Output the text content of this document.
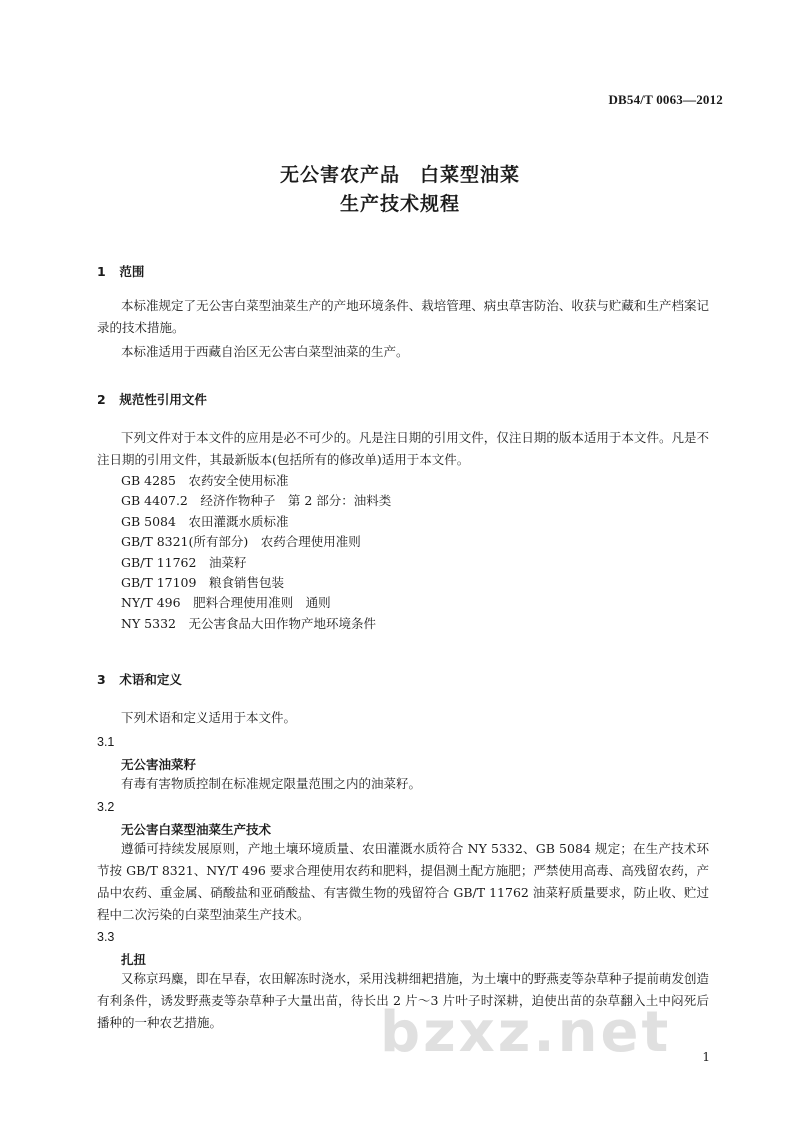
DB54/T 0063—2012
无公害农产品　白菜型油菜
生产技术规程
1 范围
本标准规定了无公害白菜型油菜生产的产地环境条件、栽培管理、病虫草害防治、收获与贮藏和生产档案记录的技术措施。
本标准适用于西藏自治区无公害白菜型油菜的生产。
2 规范性引用文件
下列文件对于本文件的应用是必不可少的。凡是注日期的引用文件，仅注日期的版本适用于本文件。凡是不注日期的引用文件，其最新版本(包括所有的修改单)适用于本文件。
GB 4285　农药安全使用标准
GB 4407.2　经济作物种子　第 2 部分：油料类
GB 5084　农田灌溉水质标准
GB/T 8321(所有部分)　农药合理使用准则
GB/T 11762　油菜籽
GB/T 17109　粮食销售包装
NY/T 496　肥料合理使用准则　通则
NY 5332　无公害食品大田作物产地环境条件
3 术语和定义
下列术语和定义适用于本文件。
3.1
无公害油菜籽
有毒有害物质控制在标准规定限量范围之内的油菜籽。
3.2
无公害白菜型油菜生产技术
遵循可持续发展原则，产地土壤环境质量、农田灌溉水质符合 NY 5332、GB 5084 规定；在生产技术环节按 GB/T 8321、NY/T 496 要求合理使用农药和肥料，提倡测土配方施肥；严禁使用高毒、高残留农药，产品中农药、重金属、硝酸盐和亚硝酸盐、有害微生物的残留符合 GB/T 11762 油菜籽质量要求，防止收、贮过程中二次污染的白菜型油菜生产技术。
3.3
扎扭
又称京玛麋，即在早春，农田解冻时浇水，采用浅耕细耙措施，为土壤中的野燕麦等杂草种子提前萌发创造有利条件，诱发野燕麦等杂草种子大量出苗，待长出 2 片～3 片叶子时深耕，迫使出苗的杂草翻入土中闷死后播种的一种农艺措施。	bzxz.net	1
